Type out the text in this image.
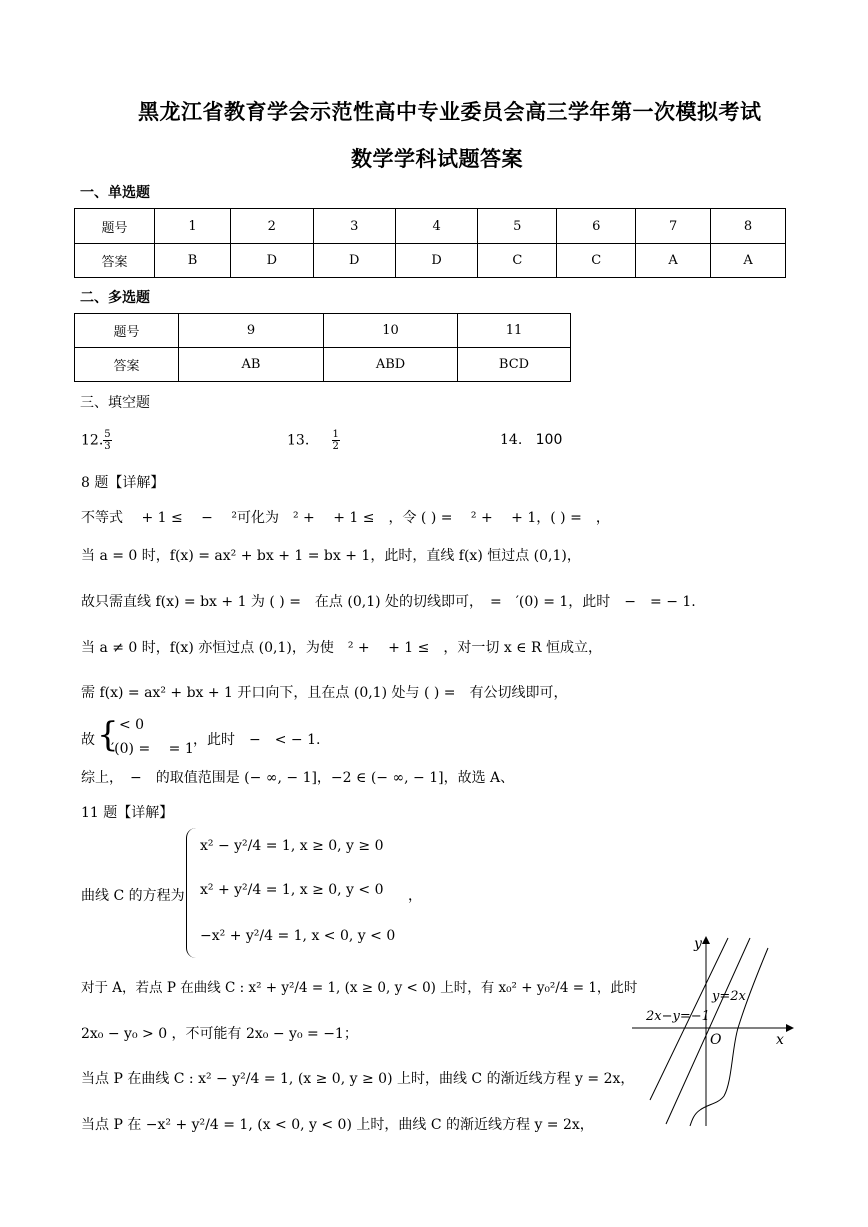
黑龙江省教育学会示范性高中专业委员会高三学年第一次模拟考试
数学学科试题答案
一、单选题
题号	1	2	3	4	5	6	7	8
答案	B	D	D	D	C	C	A	A
二、多选题
题号	9	10	11
答案	AB	ABD	BCD
三、填空题
12. $\frac{5}{3}$	13. $\frac{1}{2}$	14. 100
8 题【详解】
不等式　 + 1 ≤　 −　 ²可化为　² +　 + 1 ≤　，令 ( ) =　 ² +　 + 1，( ) =　，
当 a = 0 时，f(x) = ax² + bx + 1 = bx + 1，此时，直线 f(x) 恒过点 (0,1)，
故只需直线 f(x) = bx + 1 为 ( ) =　在点 (0,1) 处的切线即可，　=　′(0) = 1，此时　−　= − 1.
当 a ≠ 0 时，f(x) 亦恒过点 (0,1)，为使　² +　 + 1 ≤　，对一切 x ∈ R 恒成立，
需 f(x) = ax² + bx + 1 开口向下，且在点 (0,1) 处与 ( ) =　有公切线即可，
故 { < 0
′(0) =　 = 1
，此时　−　< − 1.
综上，　−　的取值范围是 (− ∞, − 1]，−2 ∈ (− ∞, − 1]，故选 A、
11 题【详解】
曲线 C 的方程为
x² − y²/4 = 1, x ≥ 0, y ≥ 0
x² + y²/4 = 1, x ≥ 0, y < 0
−x² + y²/4 = 1, x < 0, y < 0
，
对于 A，若点 P 在曲线 C : x² + y²/4 = 1, (x ≥ 0, y < 0) 上时，有 x₀² + y₀²/4 = 1，此时
2x₀ − y₀ > 0 ，不可能有 2x₀ − y₀ = −1；
当点 P 在曲线 C : x² − y²/4 = 1, (x ≥ 0, y ≥ 0) 上时，曲线 C 的渐近线方程 y = 2x，
当点 P 在 −x² + y²/4 = 1, (x < 0, y < 0) 上时，曲线 C 的渐近线方程 y = 2x，
y
x
O
y=2x
2x−y=−1
